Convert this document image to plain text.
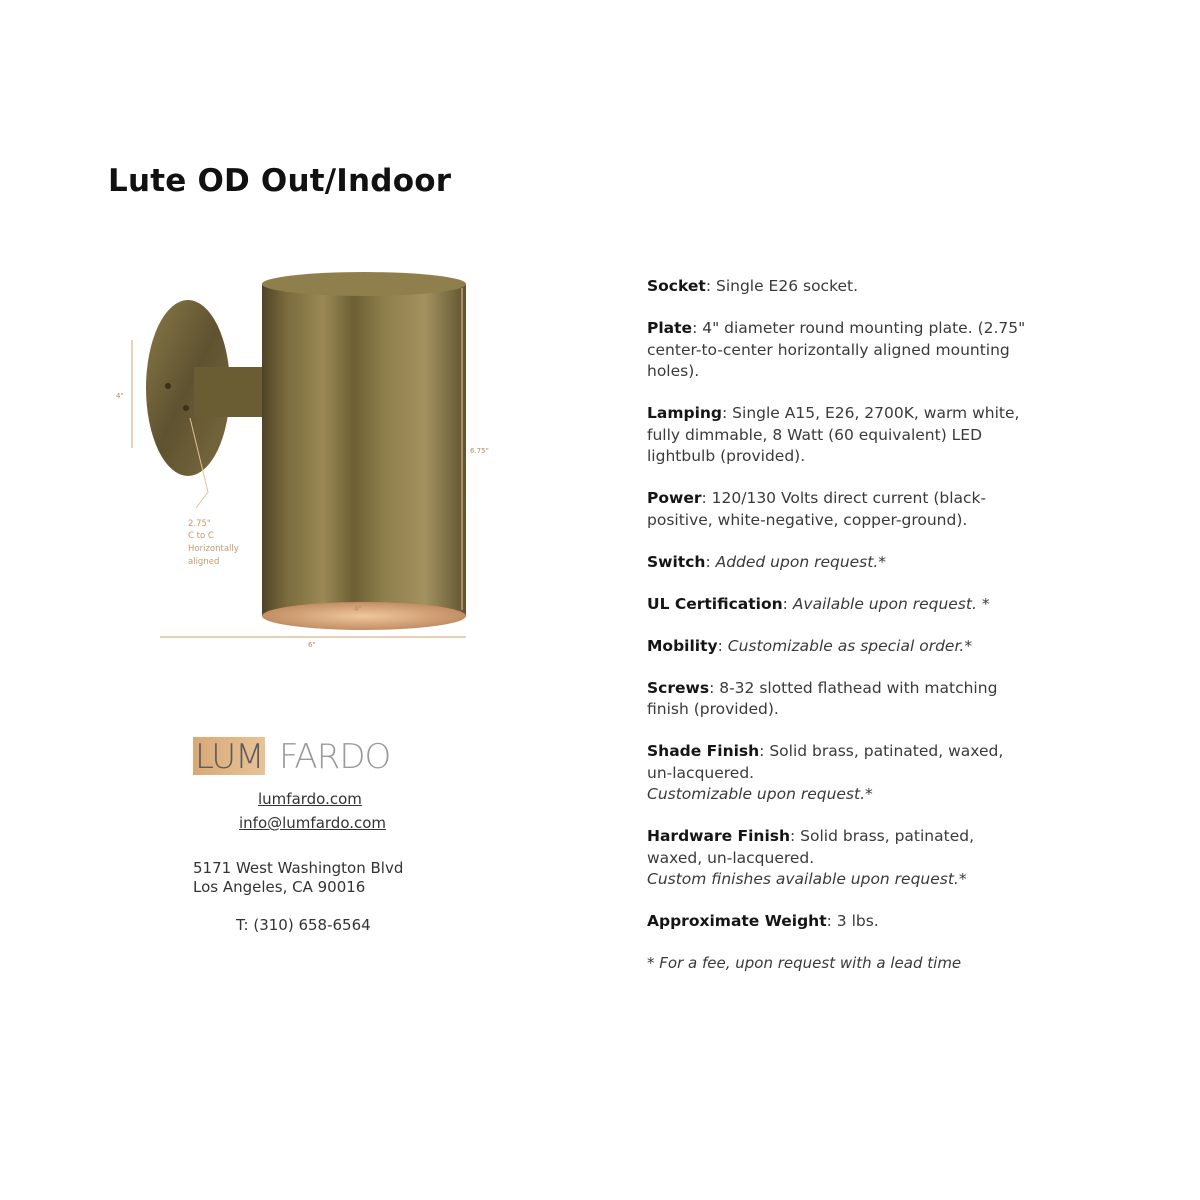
Lute OD Out/Indoor
4"
6.75"
4"
6"
2.75"
C to C
Horizontally
aligned
LUM FARDO
lumfardo.com
info@lumfardo.com
5171 West Washington Blvd
Los Angeles, CA 90016
T: (310) 658-6564
Socket: Single E26 socket.
Plate: 4" diameter round mounting plate. (2.75" center-to-center horizontally aligned mounting holes).
Lamping: Single A15, E26, 2700K, warm white, fully dimmable, 8 Watt (60 equivalent) LED lightbulb (provided).
Power: 120/130 Volts direct current (black-positive, white-negative, copper-ground).
Switch: Added upon request.*
UL Certification: Available upon request. *
Mobility: Customizable as special order.*
Screws: 8-32 slotted flathead with matching finish (provided).
Shade Finish: Solid brass, patinated, waxed, un-lacquered.
Customizable upon request.*
Hardware Finish: Solid brass, patinated, waxed, un-lacquered.
Custom finishes available upon request.*
Approximate Weight: 3 lbs.
* For a fee, upon request with a lead time
